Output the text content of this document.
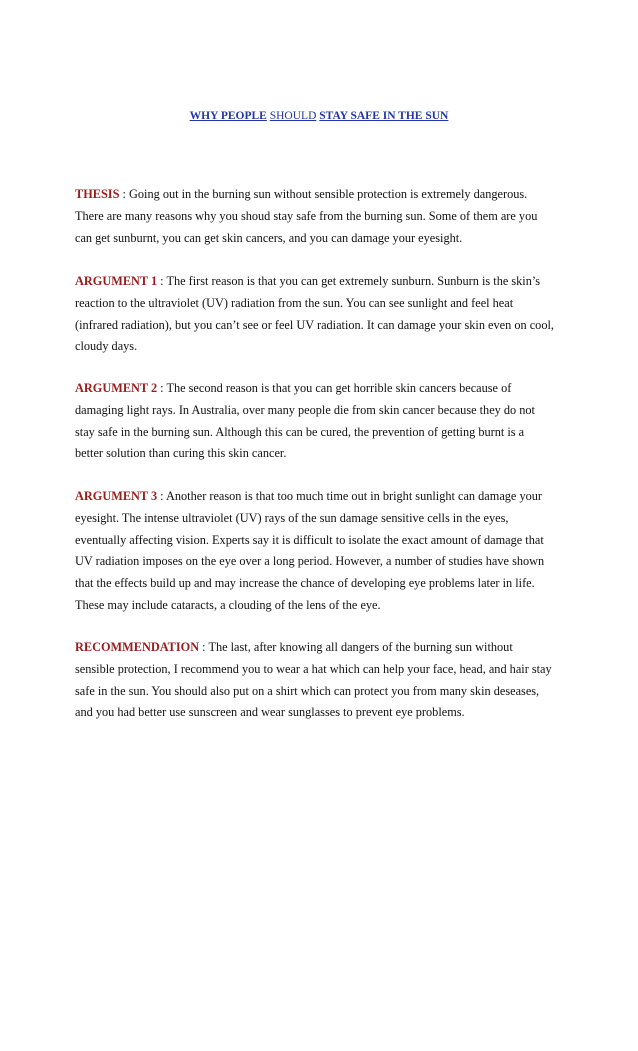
WHY PEOPLE SHOULD STAY SAFE IN THE SUN
THESIS : Going out in the burning sun without sensible protection is extremely dangerous.
There are many reasons why you shoud stay safe from the burning sun. Some of them are you
can get sunburnt, you can get skin cancers, and you can damage your eyesight.
ARGUMENT 1 : The first reason is that you can get extremely sunburn. Sunburn is the skin’s
reaction to the ultraviolet (UV) radiation from the sun. You can see sunlight and feel heat
(infrared radiation), but you can’t see or feel UV radiation. It can damage your skin even on cool,
cloudy days.
ARGUMENT 2 : The second reason is that you can get horrible skin cancers because of
damaging light rays. In Australia, over many people die from skin cancer because they do not
stay safe in the burning sun. Although this can be cured, the prevention of getting burnt is a
better solution than curing this skin cancer.
ARGUMENT 3 : Another reason is that too much time out in bright sunlight can damage your
eyesight. The intense ultraviolet (UV) rays of the sun damage sensitive cells in the eyes,
eventually affecting vision. Experts say it is difficult to isolate the exact amount of damage that
UV radiation imposes on the eye over a long period. However, a number of studies have shown
that the effects build up and may increase the chance of developing eye problems later in life.
These may include cataracts, a clouding of the lens of the eye.
RECOMMENDATION : The last, after knowing all dangers of the burning sun without
sensible protection, I recommend you to wear a hat which can help your face, head, and hair stay
safe in the sun. You should also put on a shirt which can protect you from many skin deseases,
and you had better use sunscreen and wear sunglasses to prevent eye problems.
